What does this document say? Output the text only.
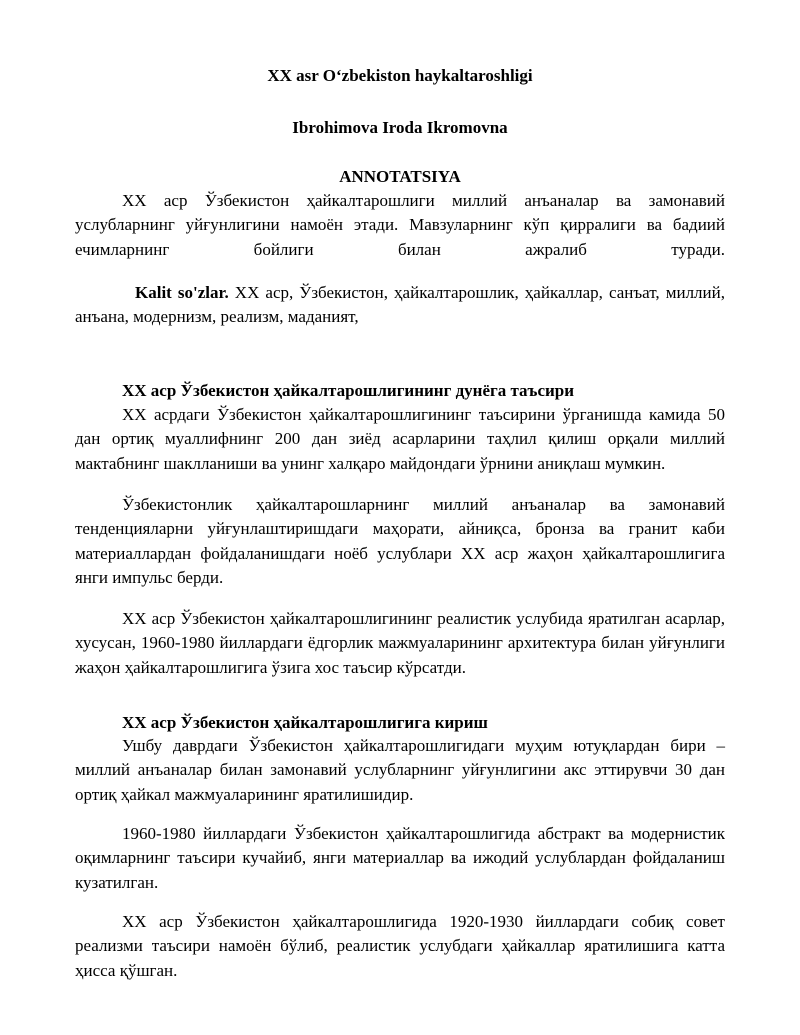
XX asr O‘zbekiston haykaltaroshligi
Ibrohimova Iroda Ikromovna
ANNOTATSIYA
XX аср Ўзбекистон ҳайкалтарошлиги миллий анъаналар ва замонавий услубларнинг уйғунлигини намоён этади. Мавзуларнинг кўп қирралиги ва бадиий ечимларнинг бойлиги билан ажралиб туради.
Kalit so'zlar. XX аср, Ўзбекистон, ҳайкалтарошлик, ҳайкаллар, санъат, миллий, анъана, модернизм, реализм, маданият,
XX аср Ўзбекистон ҳайкалтарошлигининг дунёга таъсири
XX асрдаги Ўзбекистон ҳайкалтарошлигининг таъсирини ўрганишда камида 50 дан ортиқ муаллифнинг 200 дан зиёд асарларини таҳлил қилиш орқали миллий мактабнинг шаклланиши ва унинг халқаро майдондаги ўрнини аниқлаш мумкин.
Ўзбекистонлик ҳайкалтарошларнинг миллий анъаналар ва замонавий тенденцияларни уйғунлаштиришдаги маҳорати, айниқса, бронза ва гранит каби материаллардан фойдаланишдаги ноёб услублари XX аср жаҳон ҳайкалтарошлигига янги импульс берди.
XX аср Ўзбекистон ҳайкалтарошлигининг реалистик услубида яратилган асарлар, хусусан, 1960-1980 йиллардаги ёдгорлик мажмуаларининг архитектура билан уйғунлиги жаҳон ҳайкалтарошлигига ўзига хос таъсир кўрсатди.
XX аср Ўзбекистон ҳайкалтарошлигига кириш
Ушбу даврдаги Ўзбекистон ҳайкалтарошлигидаги муҳим ютуқлардан бири – миллий анъаналар билан замонавий услубларнинг уйғунлигини акс эттирувчи 30 дан ортиқ ҳайкал мажмуаларининг яратилишидир.
1960-1980 йиллардаги Ўзбекистон ҳайкалтарошлигида абстракт ва модернистик оқимларнинг таъсири кучайиб, янги материаллар ва ижодий услублардан фойдаланиш кузатилган.
XX аср Ўзбекистон ҳайкалтарошлигида 1920-1930 йиллардаги собиқ совет реализми таъсири намоён бўлиб, реалистик услубдаги ҳайкаллар яратилишига катта ҳисса қўшган.
